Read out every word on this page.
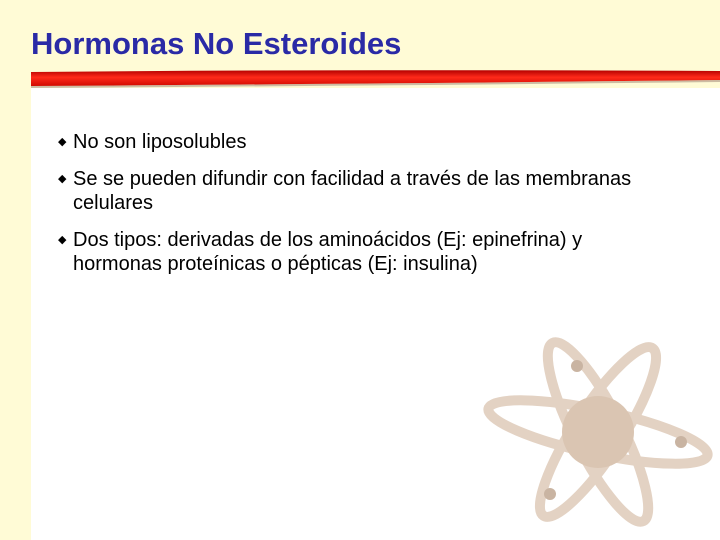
Hormonas No Esteroides
◆ No son liposolubles
◆ Se se pueden difundir con facilidad a través de las membranas celulares
◆ Dos tipos: derivadas de los aminoácidos (Ej: epinefrina) y hormonas proteínicas o pépticas (Ej: insulina)
